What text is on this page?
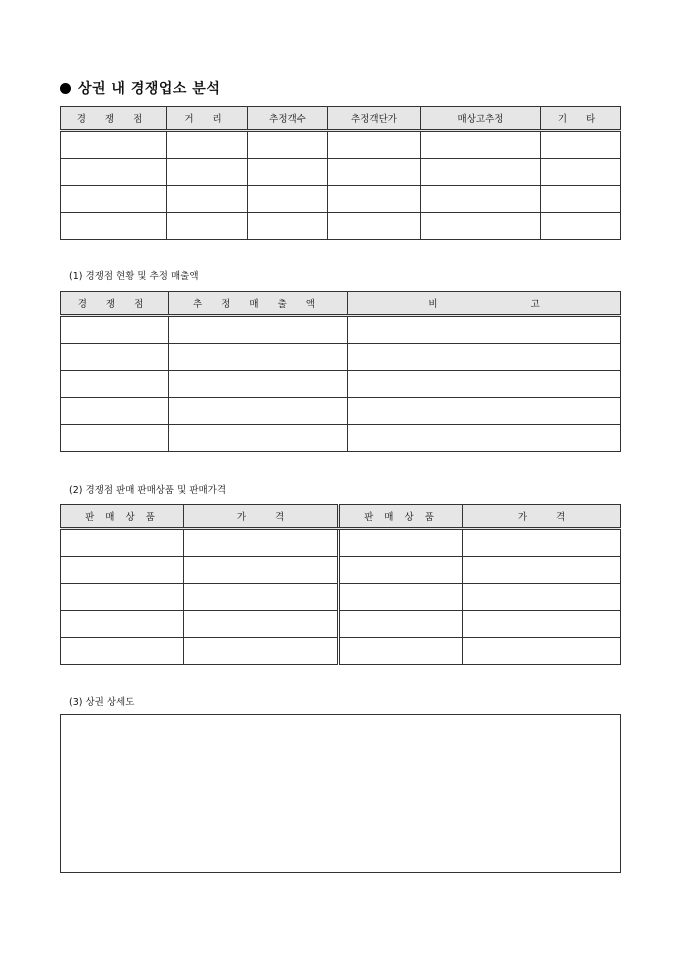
상권 내 경쟁업소 분석
경 쟁 점	거 리	추정객수	추정객단가	매상고추정	기 타

(1) 경쟁점 현황 및 추정 매출액
경 쟁 점	추 정 매 출 액	비 고

(2) 경쟁점 판매 판매상품 및 판매가격
판 매 상 품	가 격	판 매 상 품	가 격

(3) 상권 상세도
